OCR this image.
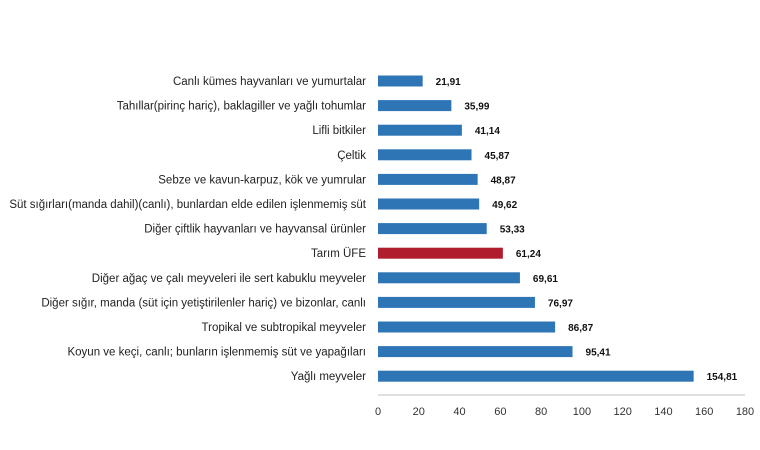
Canlı kümes hayvanları ve yumurtalar
Tahıllar(pirinç hariç), baklagiller ve yağlı tohumlar
Lifli bitkiler
Çeltik
Sebze ve kavun-karpuz, kök ve yumrular
Süt sığırları(manda dahil)(canlı), bunlardan elde edilen işlenmemiş süt
Diğer çiftlik hayvanları ve hayvansal ürünler
Tarım ÜFE
Diğer ağaç ve çalı meyveleri ile sert kabuklu meyveler
Diğer sığır, manda (süt için yetiştirilenler hariç) ve bizonlar, canlı
Tropikal ve subtropikal meyveler
Koyun ve keçi, canlı; bunların işlenmemiş süt ve yapağıları
Yağlı meyveler
21,91
35,99
41,14
45,87
48,87
49,62
53,33
61,24
69,61
76,97
86,87
95,41
154,81
0	20	40	60	80 100 120 140 160 180
